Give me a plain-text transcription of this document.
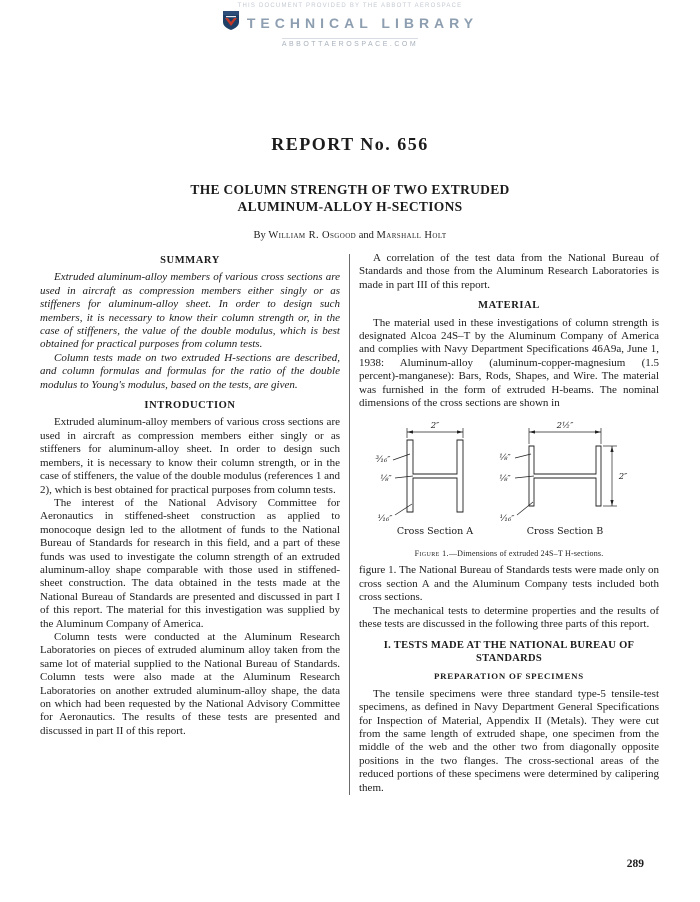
THIS DOCUMENT PROVIDED BY THE ABBOTT AEROSPACE
TECHNICAL LIBRARY
ABBOTTAEROSPACE.COM
REPORT No. 656
THE COLUMN STRENGTH OF TWO EXTRUDED
ALUMINUM-ALLOY H-SECTIONS
By William R. Osgood and Marshall Holt
SUMMARY

Extruded aluminum-alloy members of various cross sections are used in aircraft as compression members either singly or as stiffeners for aluminum-alloy sheet. In order to design such members, it is necessary to know their column strength or, in the case of stiffeners, the value of the double modulus, which is best obtained for practical purposes from column tests.

Column tests made on two extruded H-sections are described, and column formulas and formulas for the ratio of the double modulus to Young's modulus, based on the tests, are given.

INTRODUCTION

Extruded aluminum-alloy members of various cross sections are used in aircraft as compression members either singly or as stiffeners for aluminum-alloy sheet. In order to design such members, it is necessary to know their column strength, or in the case of stiffeners, the value of the double modulus (references 1 and 2), which is best obtained for practical purposes from column tests.

The interest of the National Advisory Committee for Aeronautics in stiffened-sheet construction as applied to monocoque design led to the allotment of funds to the National Bureau of Standards for research in this field, and a part of these funds was used to investigate the column strength of an extruded aluminum-alloy shape comparable with those used in stiffened-sheet construction. The data obtained in the tests made at the National Bureau of Standards are presented and discussed in part I of this report. The material for this investigation was supplied by the Aluminum Company of America.

Column tests were conducted at the Aluminum Research Laboratories on pieces of extruded aluminum alloy taken from the same lot of material supplied to the National Bureau of Standards. Column tests were also made at the Aluminum Research Laboratories on another extruded aluminum-alloy shape, the data on which had been requested by the National Advisory Committee for Aeronautics. The results of these tests are presented and discussed in part II of this report.

A correlation of the test data from the National Bureau of Standards and those from the Aluminum Research Laboratories is made in part III of this report.

MATERIAL

The material used in these investigations of column strength is designated Alcoa 24S–T by the Aluminum Company of America and complies with Navy Department Specifications 46A9a, June 1, 1938: Aluminum-alloy (aluminum-copper-magnesium (1.5 percent)-manganese): Bars, Rods, Shapes, and Wire. The material was furnished in the form of extruded H-beams. The nominal dimensions of the cross sections are shown in

2″
³⁄₁₆″
⅛″
¹⁄₁₆″
2½″
⅛″
⅛″	2″
¹⁄₁₆″
Cross Section A	Cross Section B
Figure 1.—Dimensions of extruded 24S–T H-sections.

figure 1. The National Bureau of Standards tests were made only on cross section A and the Aluminum Company tests included both cross sections.

The mechanical tests to determine properties and the results of these tests are discussed in the following three parts of this report.

I. TESTS MADE AT THE NATIONAL BUREAU OF
STANDARDS
PREPARATION OF SPECIMENS

The tensile specimens were three standard type-5 tensile-test specimens, as defined in Navy Department General Specifications for Inspection of Material, Appendix II (Metals). They were cut from the same length of extruded shape, one specimen from the middle of the web and the other two from diagonally opposite positions in the two flanges. The cross-sectional areas of the reduced portions of these specimens were determined by calipering them.

289
